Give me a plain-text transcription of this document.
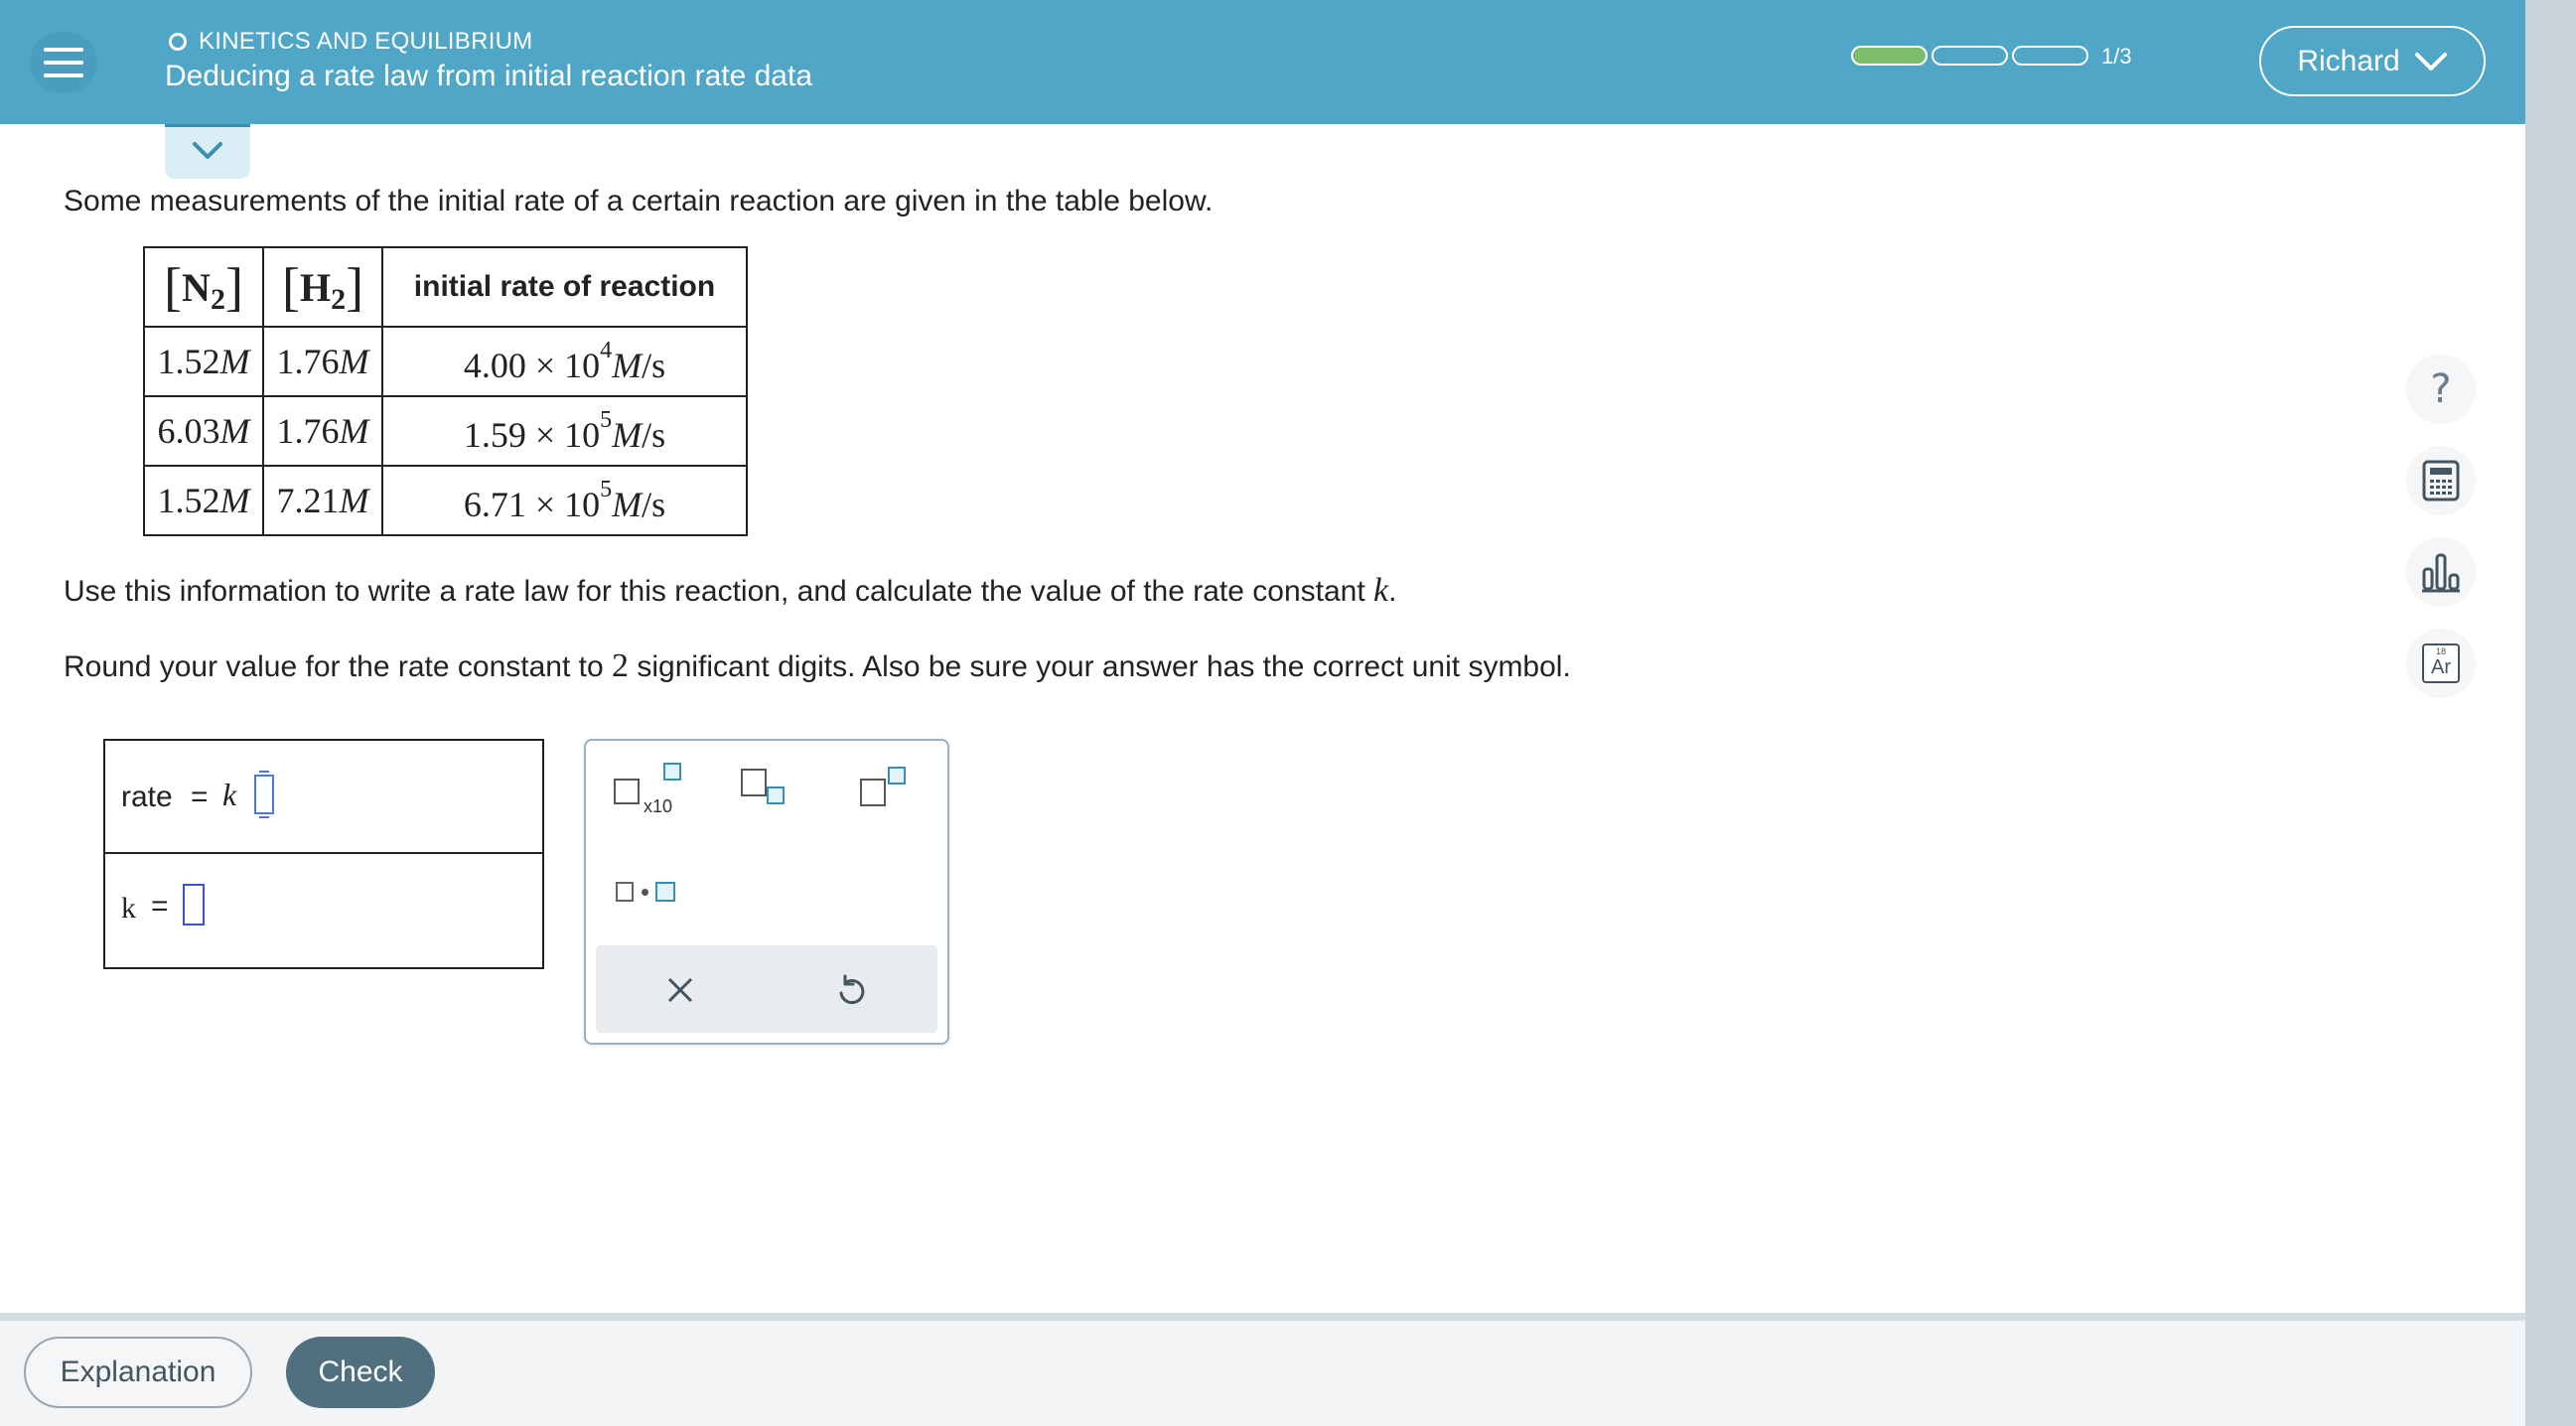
KINETICS AND EQUILIBRIUM
Deducing a rate law from initial reaction rate data
1/3	Richard
Some measurements of the initial rate of a certain reaction are given in the table below.
$[N_2]$	$[H_2]$	initial rate of reaction
1.52M	1.76M	$4.00 \times 10^4M/s$
6.03M	1.76M	$1.59 \times 10^5M/s$
1.52M	7.21M	$6.71 \times 10^5M/s$
Use this information to write a rate law for this reaction, and calculate the value of the rate constant k.
Round your value for the rate constant to 2 significant digits. Also be sure your answer has the correct unit symbol.
rate = k
k =
x10
?
18
Ar
Explanation	Check
